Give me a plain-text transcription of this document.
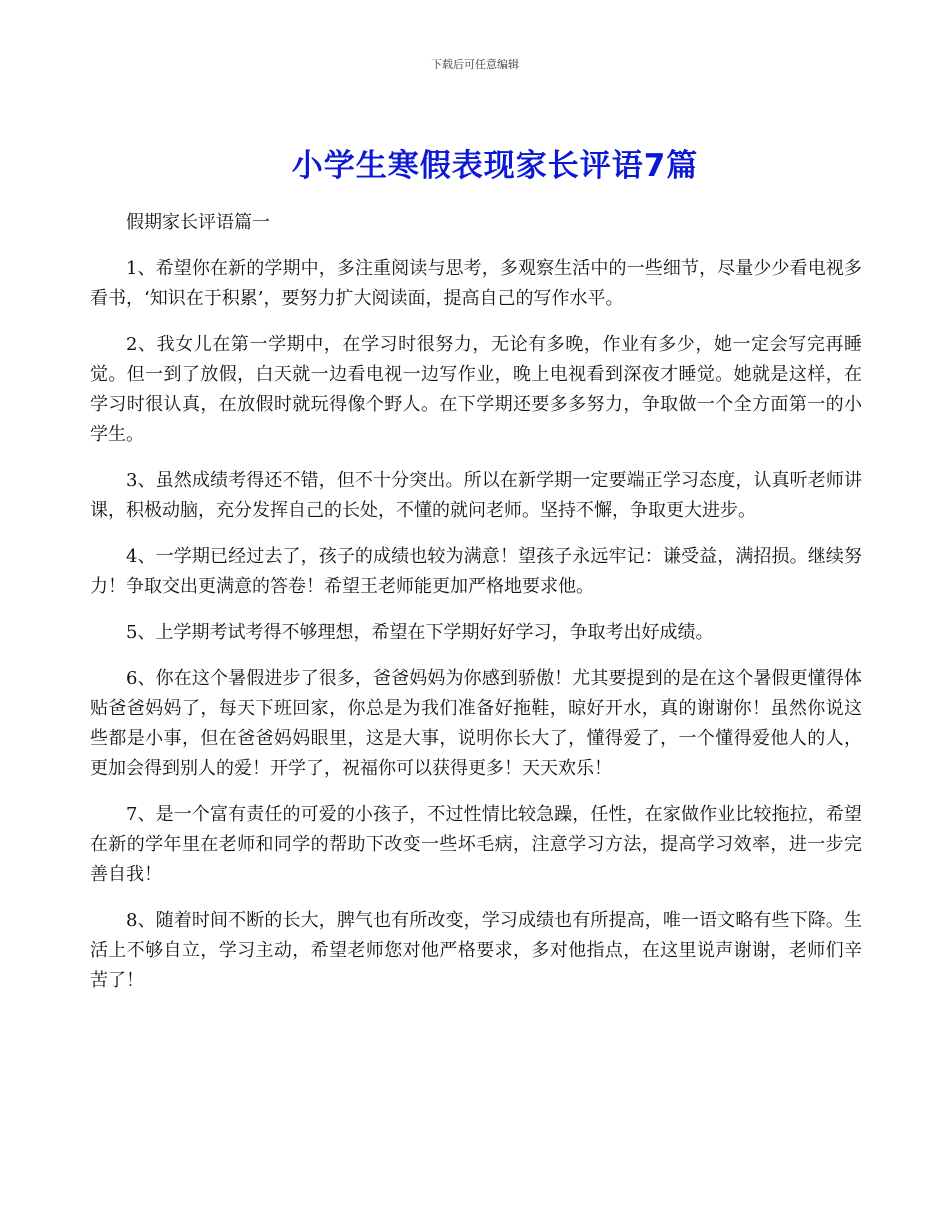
下载后可任意编辑
小学生寒假表现家长评语7篇

假期家长评语篇一

1、希望你在新的学期中，多注重阅读与思考，多观察生活中的一些细节，尽量少少看电视多看书，‘知识在于积累’，要努力扩大阅读面，提高自己的写作水平。

2、我女儿在第一学期中，在学习时很努力，无论有多晚，作业有多少，她一定会写完再睡觉。但一到了放假，白天就一边看电视一边写作业，晚上电视看到深夜才睡觉。她就是这样，在学习时很认真，在放假时就玩得像个野人。在下学期还要多多努力，争取做一个全方面第一的小学生。

3、虽然成绩考得还不错，但不十分突出。所以在新学期一定要端正学习态度，认真听老师讲课，积极动脑，充分发挥自己的长处，不懂的就问老师。坚持不懈，争取更大进步。

4、一学期已经过去了，孩子的成绩也较为满意！望孩子永远牢记：谦受益，满招损。继续努力！争取交出更满意的答卷！希望王老师能更加严格地要求他。

5、上学期考试考得不够理想，希望在下学期好好学习，争取考出好成绩。

6、你在这个暑假进步了很多，爸爸妈妈为你感到骄傲！尤其要提到的是在这个暑假更懂得体贴爸爸妈妈了，每天下班回家，你总是为我们准备好拖鞋，晾好开水，真的谢谢你！虽然你说这些都是小事，但在爸爸妈妈眼里，这是大事，说明你长大了，懂得爱了，一个懂得爱他人的人，更加会得到别人的爱！开学了，祝福你可以获得更多！天天欢乐！

7、是一个富有责任的可爱的小孩子，不过性情比较急躁，任性，在家做作业比较拖拉，希望在新的学年里在老师和同学的帮助下改变一些坏毛病，注意学习方法，提高学习效率，进一步完善自我！

8、随着时间不断的长大，脾气也有所改变，学习成绩也有所提高，唯一语文略有些下降。生活上不够自立，学习主动，希望老师您对他严格要求，多对他指点，在这里说声谢谢，老师们辛苦了！
